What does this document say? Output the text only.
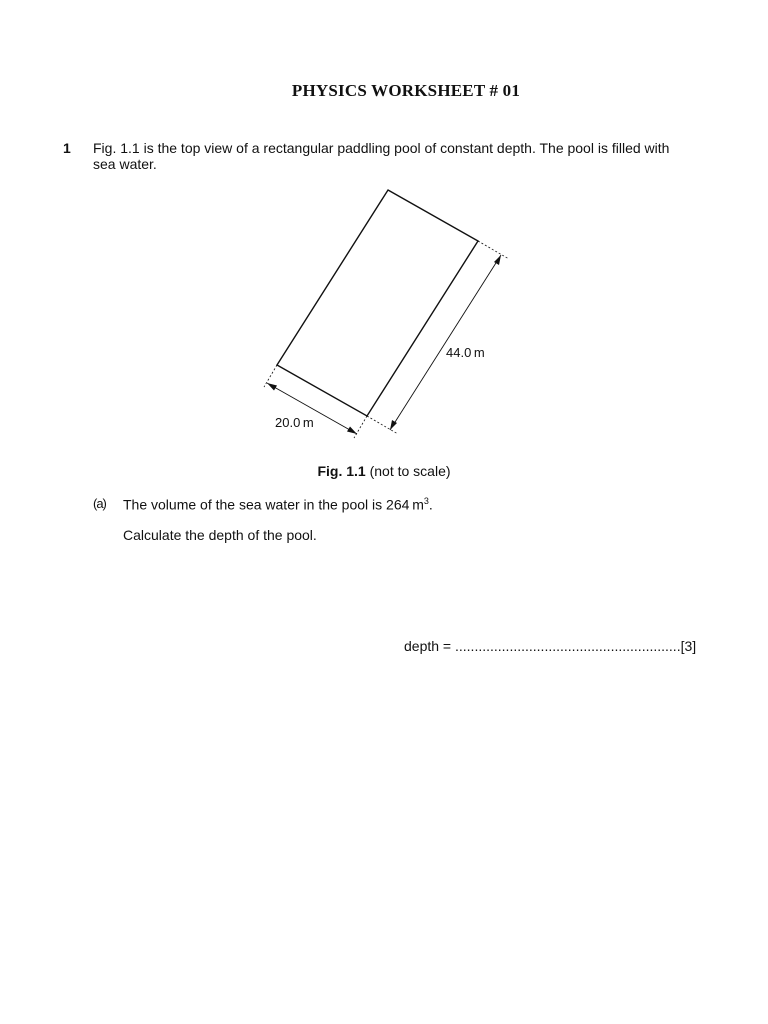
PHYSICS WORKSHEET # 01
1 Fig. 1.1 is the top view of a rectangular paddling pool of constant depth. The pool is filled with sea water.
20.0 m
44.0 m
Fig. 1.1 (not to scale)
(a) The volume of the sea water in the pool is 264 $m^3$.
Calculate the depth of the pool.
depth = ..........................................................[3]
